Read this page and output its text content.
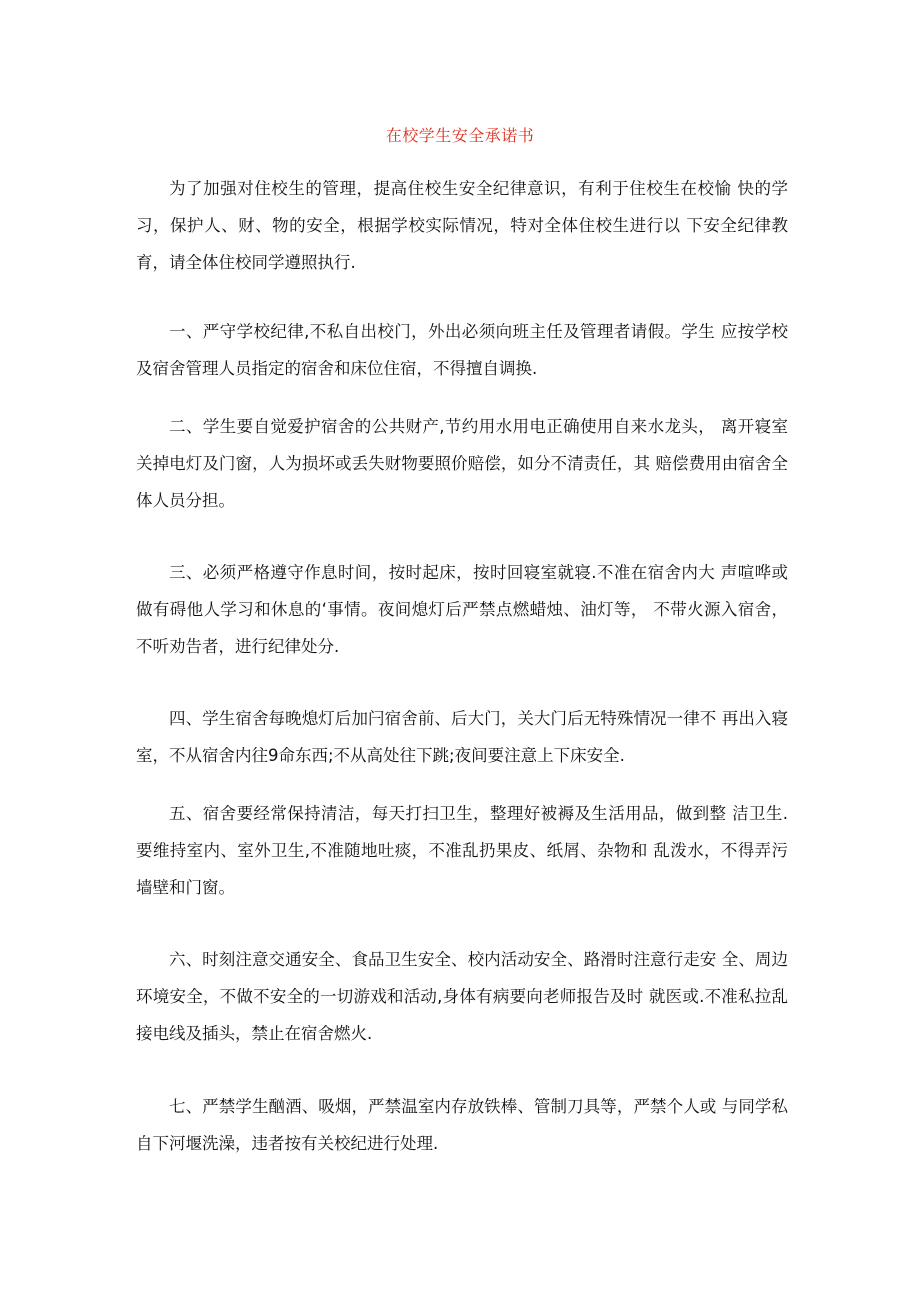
在校学生安全承诺书

为了加强对住校生的管理，提高住校生安全纪律意识，有利于住校生在校愉 快的学习，保护人、财、物的安全，根据学校实际情况，特对全体住校生进行以 下安全纪律教育，请全体住校同学遵照执行.

一、严守学校纪律,不私自出校门，外出必须向班主任及管理者请假。学生 应按学校及宿舍管理人员指定的宿舍和床位住宿，不得擅自调换.

二、学生要自觉爱护宿舍的公共财产,节约用水用电正确使用自来水龙头， 离开寝室关掉电灯及门窗，人为损坏或丢失财物要照价赔偿，如分不清责任，其 赔偿费用由宿舍全体人员分担。

三、必须严格遵守作息时间，按时起床，按时回寝室就寝.不准在宿舍内大 声喧哗或做有碍他人学习和休息的‘事情。夜间熄灯后严禁点燃蜡烛、油灯等， 不带火源入宿舍，不听劝告者，进行纪律处分.

四、学生宿舍每晚熄灯后加闩宿舍前、后大门，关大门后无特殊情况一律不 再出入寝室，不从宿舍内往9命东西;不从高处往下跳;夜间要注意上下床安全.

五、宿舍要经常保持清洁，每天打扫卫生，整理好被褥及生活用品，做到整 洁卫生.要维持室内、室外卫生,不准随地吐痰，不准乱扔果皮、纸屑、杂物和 乱泼水，不得弄污墙壁和门窗。

六、时刻注意交通安全、食品卫生安全、校内活动安全、路滑时注意行走安 全、周边环境安全，不做不安全的一切游戏和活动,身体有病要向老师报告及时 就医或.不准私拉乱接电线及插头，禁止在宿舍燃火.

七、严禁学生酗酒、吸烟，严禁温室内存放铁棒、管制刀具等，严禁个人或 与同学私自下河堰洗澡，违者按有关校纪进行处理.
